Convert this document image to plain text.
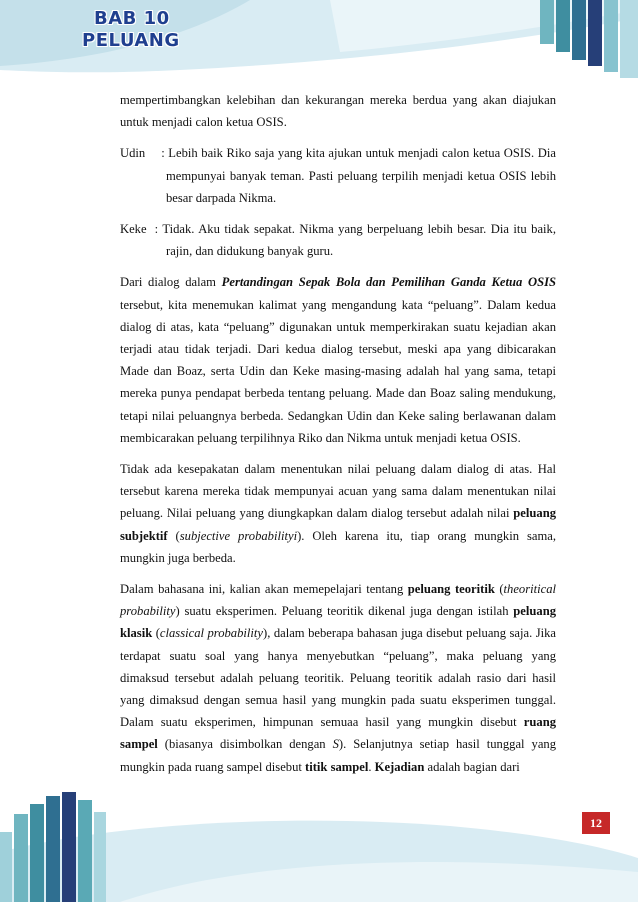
BAB 10
PELUANG

mempertimbangkan kelebihan dan kekurangan mereka berdua yang akan diajukan untuk menjadi calon ketua OSIS.

Udin : Lebih baik Riko saja yang kita ajukan untuk menjadi calon ketua OSIS. Dia mempunyai banyak teman. Pasti peluang terpilih menjadi ketua OSIS lebih besar darpada Nikma.

Keke : Tidak. Aku tidak sepakat. Nikma yang berpeluang lebih besar. Dia itu baik, rajin, dan didukung banyak guru.

Dari dialog dalam Pertandingan Sepak Bola dan Pemilihan Ganda Ketua OSIS tersebut, kita menemukan kalimat yang mengandung kata “peluang”. Dalam kedua dialog di atas, kata “peluang” digunakan untuk memperkirakan suatu kejadian akan terjadi atau tidak terjadi. Dari kedua dialog tersebut, meski apa yang dibicarakan Made dan Boaz, serta Udin dan Keke masing-masing adalah hal yang sama, tetapi mereka punya pendapat berbeda tentang peluang. Made dan Boaz saling mendukung, tetapi nilai peluangnya berbeda. Sedangkan Udin dan Keke saling berlawanan dalam membicarakan peluang terpilihnya Riko dan Nikma untuk menjadi ketua OSIS.

Tidak ada kesepakatan dalam menentukan nilai peluang dalam dialog di atas. Hal tersebut karena mereka tidak mempunyai acuan yang sama dalam menentukan nilai peluang. Nilai peluang yang diungkapkan dalam dialog tersebut adalah nilai peluang subjektif (subjective probabilityi). Oleh karena itu, tiap orang mungkin sama, mungkin juga berbeda.

Dalam bahasana ini, kalian akan memepelajari tentang peluang teoritik (theoritical probability) suatu eksperimen. Peluang teoritik dikenal juga dengan istilah peluang klasik (classical probability), dalam beberapa bahasan juga disebut peluang saja. Jika terdapat suatu soal yang hanya menyebutkan “peluang”, maka peluang yang dimaksud tersebut adalah peluang teoritik. Peluang teoritik adalah rasio dari hasil yang dimaksud dengan semua hasil yang mungkin pada suatu eksperimen tunggal. Dalam suatu eksperimen, himpunan semuaa hasil yang mungkin disebut ruang sampel (biasanya disimbolkan dengan S). Selanjutnya setiap hasil tunggal yang mungkin pada ruang sampel disebut titik sampel. Kejadian adalah bagian dari

12
